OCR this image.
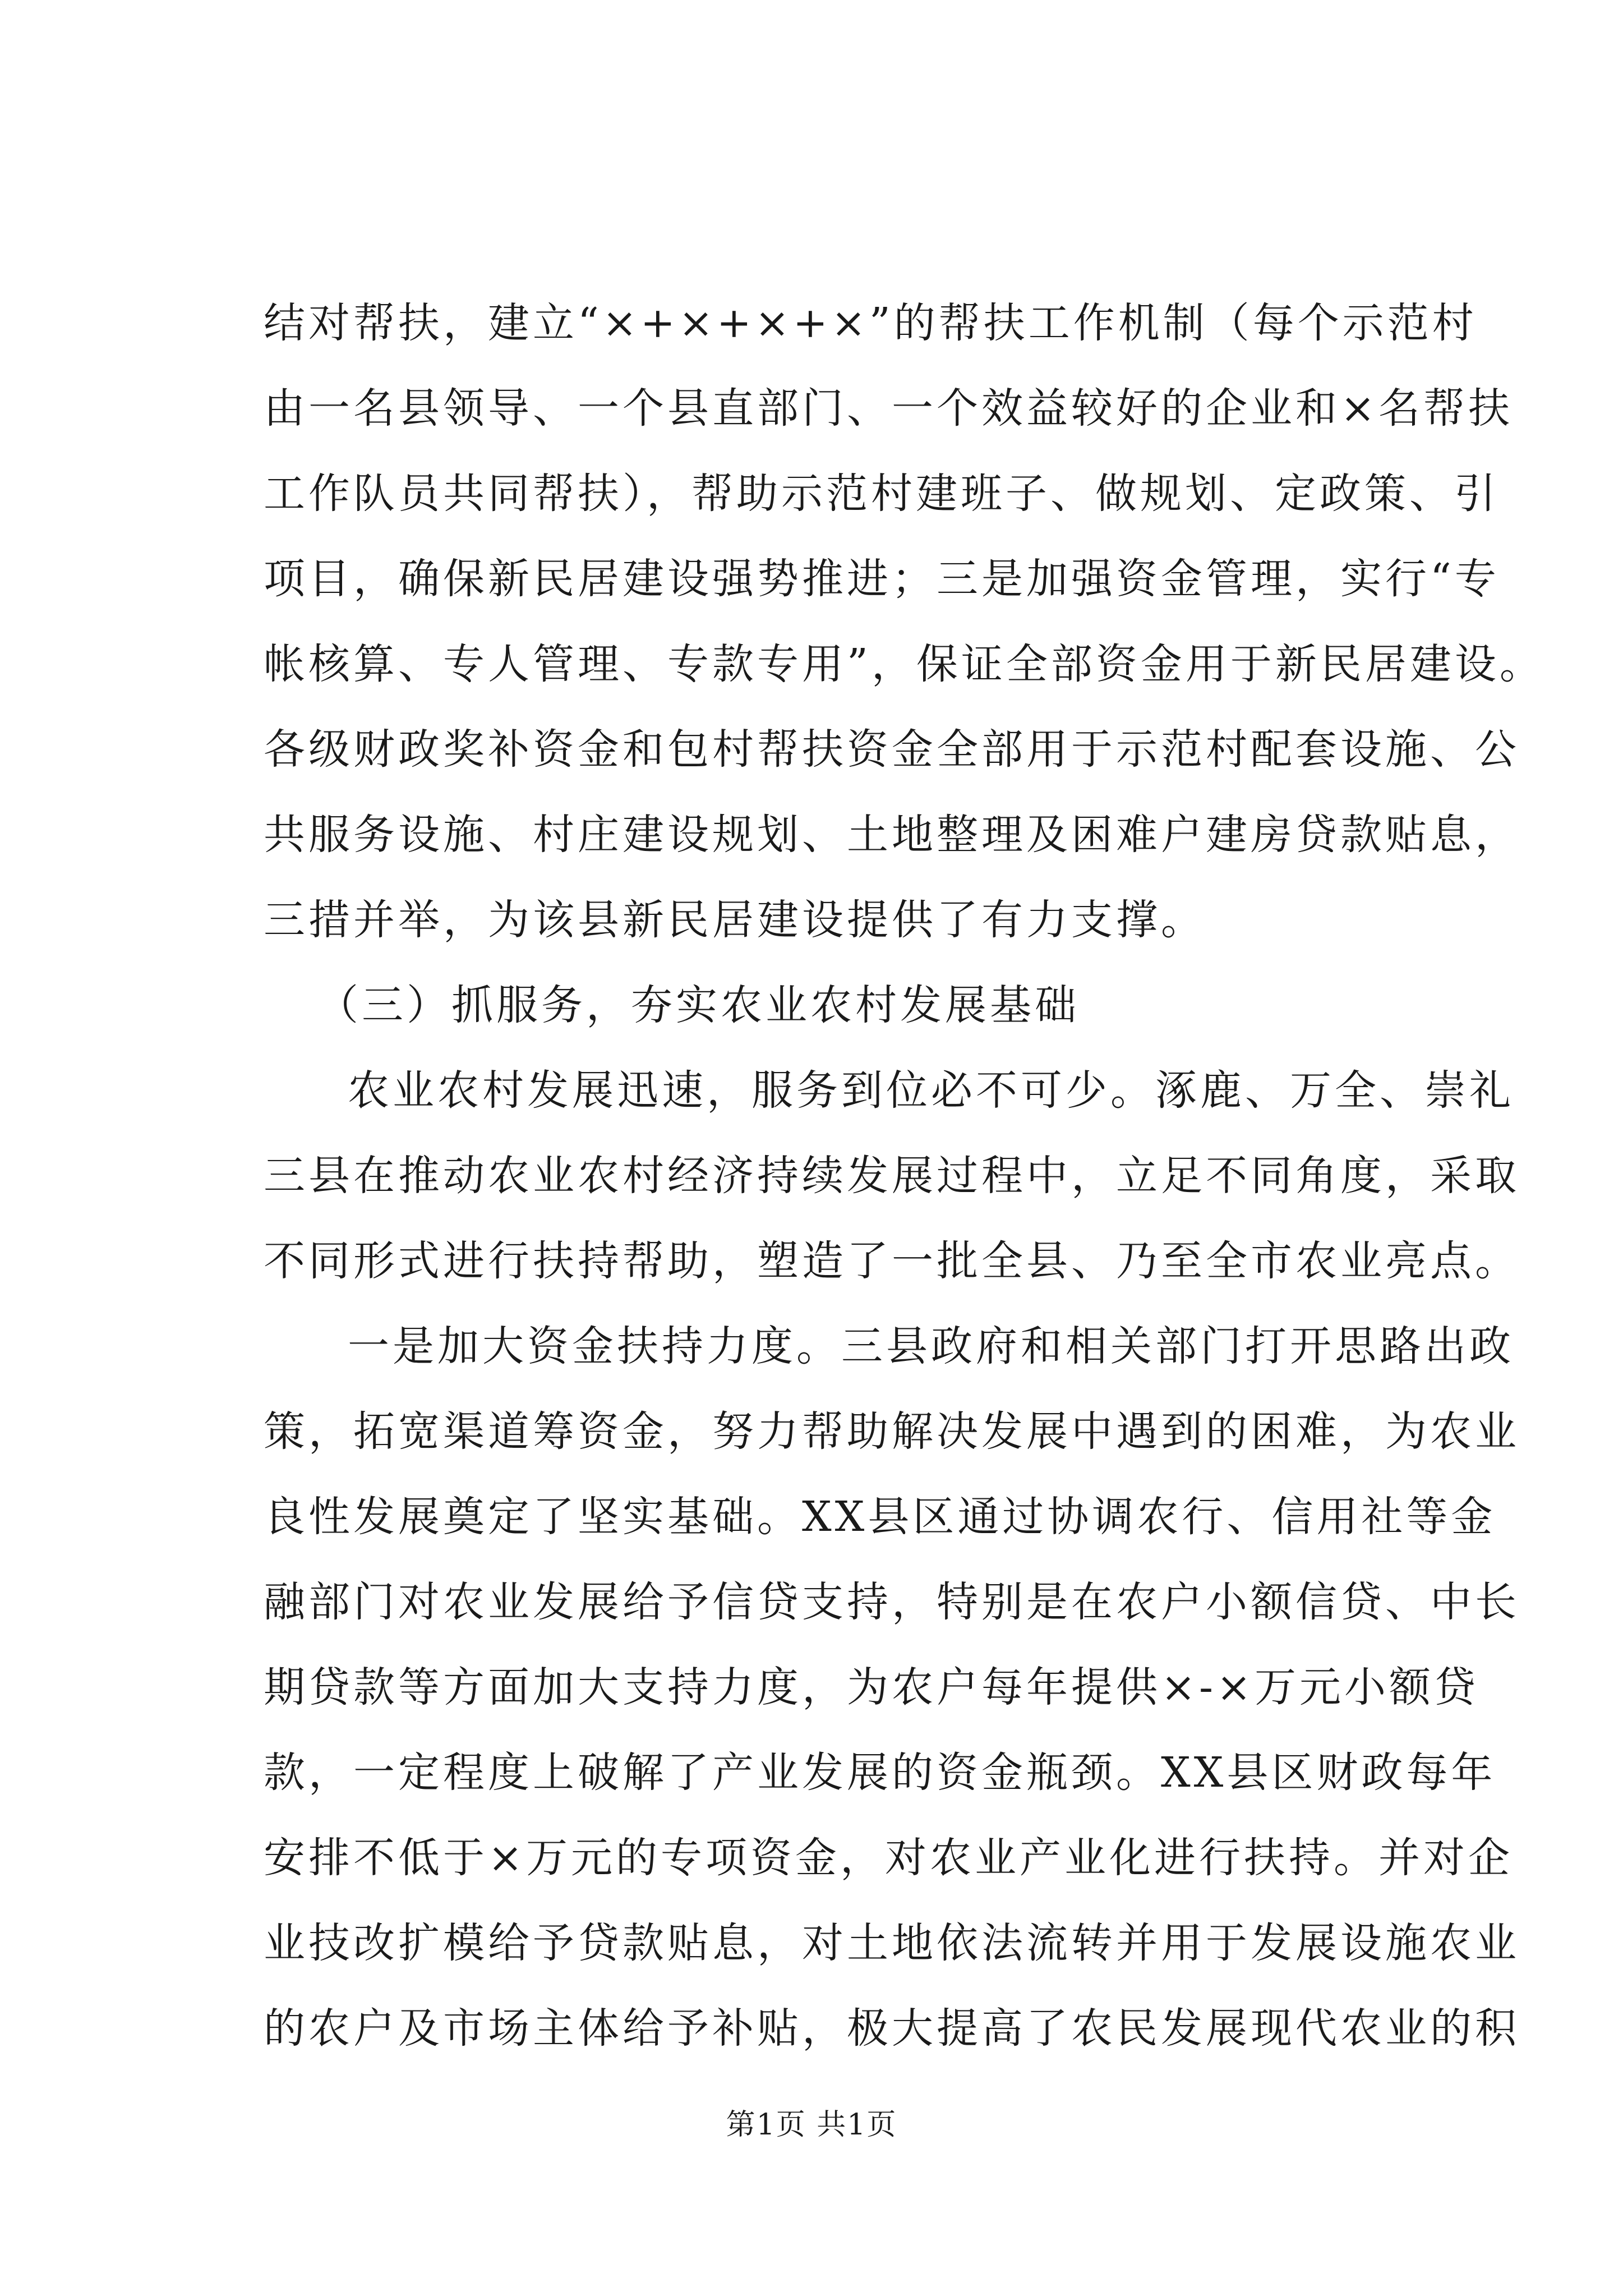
结对帮扶，建立“×+×+×+×”的帮扶工作机制（每个示范村
由一名县领导、一个县直部门、一个效益较好的企业和×名帮扶
工作队员共同帮扶），帮助示范村建班子、做规划、定政策、引
项目，确保新民居建设强势推进；三是加强资金管理，实行“专
帐核算、专人管理、专款专用”，保证全部资金用于新民居建设。
各级财政奖补资金和包村帮扶资金全部用于示范村配套设施、公
共服务设施、村庄建设规划、土地整理及困难户建房贷款贴息，
三措并举，为该县新民居建设提供了有力支撑。
（三）抓服务，夯实农业农村发展基础
农业农村发展迅速，服务到位必不可少。涿鹿、万全、崇礼
三县在推动农业农村经济持续发展过程中，立足不同角度，采取
不同形式进行扶持帮助，塑造了一批全县、乃至全市农业亮点。
一是加大资金扶持力度。三县政府和相关部门打开思路出政
策，拓宽渠道筹资金，努力帮助解决发展中遇到的困难，为农业
良性发展奠定了坚实基础。XX县区通过协调农行、信用社等金
融部门对农业发展给予信贷支持，特别是在农户小额信贷、中长
期贷款等方面加大支持力度，为农户每年提供×-×万元小额贷
款，一定程度上破解了产业发展的资金瓶颈。XX县区财政每年
安排不低于×万元的专项资金，对农业产业化进行扶持。并对企
业技改扩模给予贷款贴息，对土地依法流转并用于发展设施农业
的农户及市场主体给予补贴，极大提高了农民发展现代农业的积
第1页 共1页
